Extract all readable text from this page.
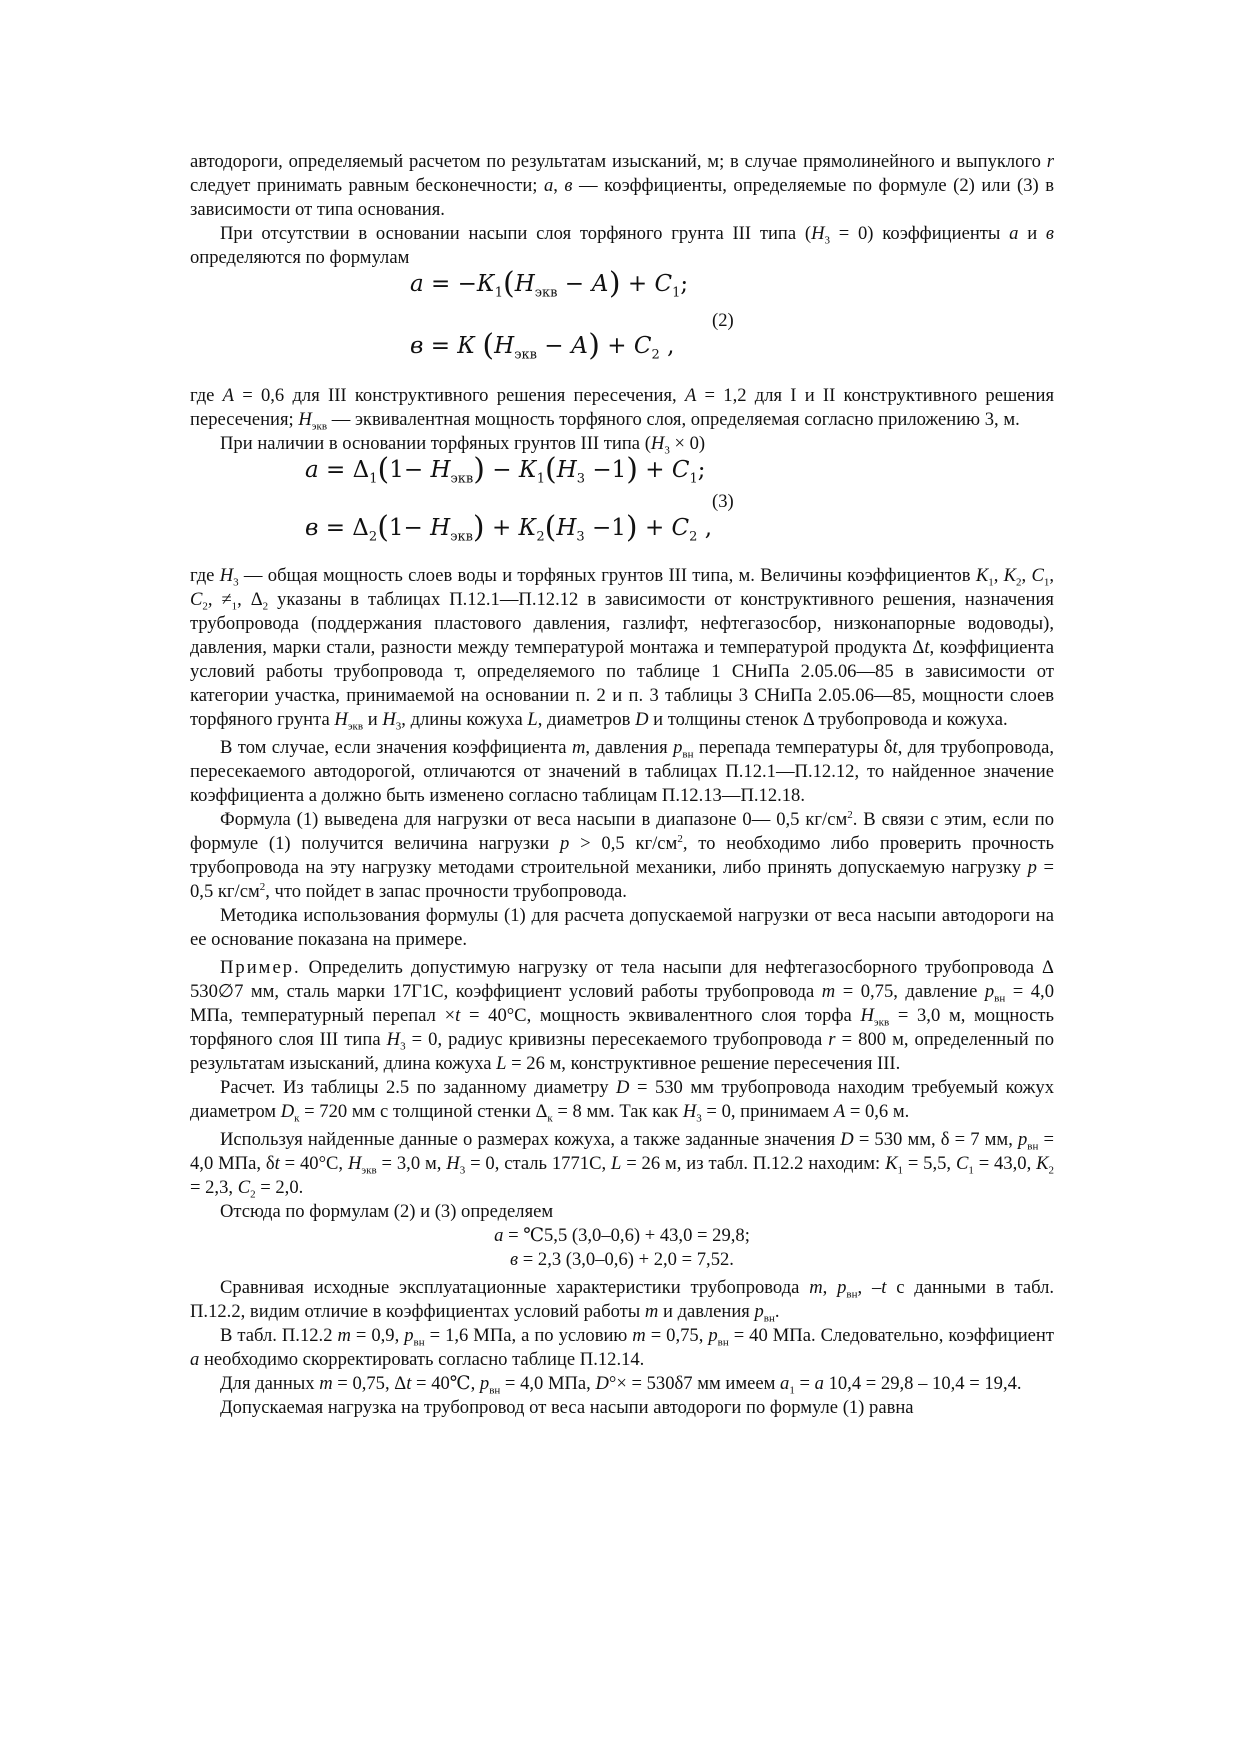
автодороги, определяемый расчетом по результатам изысканий, м; в случае прямолинейного и выпуклого r следует принимать равным бесконечности; а, в — коэффициенты, определяемые по формуле (2) или (3) в зависимости от типа основания.

При отсутствии в основании насыпи слоя торфяного грунта III типа $(Н_3 = 0)$ коэффициенты а и в определяются по формулам

$а = -К_1(Н_{экв} - А) + С_1$;
(2)
в = К $(Н_{экв} - А) + С_2$ ,

где А = 0,6 для III конструктивного решения пересечения, А = 1,2 для I и II конструктивного решения пересечения; $Н_{экв}$ — эквивалентная мощность торфяного слоя, определяемая согласно приложению 3, м.

При наличии в основании торфяных грунтов III типа $(Н_3 \times 0)$

$а = \Delta_1(1- Н_{экв}) - К_1(Н_3 -1) + С_1$;
(3)
$в = \Delta_2(1- Н_{экв}) + К_2(Н_3 -1) + С_2$ ,

где $Н_3$ — общая мощность слоев воды и торфяных грунтов III типа, м. Величины коэффициентов $К_1$, $К_2$, $С_1$, $С_2$, $\ne_1$, $\Delta_2$ указаны в таблицах П.12.1—П.12.12 в зависимости от конструктивного решения, назначения трубопровода (поддержания пластового давления, газлифт, нефтегазосбор, низконапорные водоводы), давления, марки стали, разности между температурой монтажа и температурой продукта Δt, коэффициента условий работы трубопровода т, определяемого по таблице 1 СНиПа 2.05.06—85 в зависимости от категории участка, принимаемой на основании п. 2 и п. 3 таблицы 3 СНиПа 2.05.06—85, мощности слоев торфяного грунта $Н_{экв}$ и $Н_3$, длины кожуха L, диаметров D и толщины стенок Δ трубопровода и кожуха.

В том случае, если значения коэффициента т, давления $р_{вн}$ перепада температуры δt, для трубопровода, пересекаемого автодорогой, отличаются от значений в таблицах П.12.1—П.12.12, то найденное значение коэффициента а должно быть изменено согласно таблицам П.12.13—П.12.18.

Формула (1) выведена для нагрузки от веса насыпи в диапазоне 0— 0,5 $кг/см^2$. В связи с этим, если по формуле (1) получится величина нагрузки р > 0,5 $кг/см^2$, то необходимо либо проверить прочность трубопровода на эту нагрузку методами строительной механики, либо принять допускаемую нагрузку р = 0,5 $кг/см^2$, что пойдет в запас прочности трубопровода.

Методика использования формулы (1) для расчета допускаемой нагрузки от веса насыпи автодороги на ее основание показана на примере.

Пример. Определить допустимую нагрузку от тела насыпи для нефтегазосборного трубопровода Δ 530∅7 мм, сталь марки 17Г1С, коэффициент условий работы трубопровода т = 0,75, давление $р_{вн} = 4,0$ МПа, температурный перепал ×t = 40°С, мощность эквивалентного слоя торфа $Н_{экв} = 3,0$ м, мощность торфяного слоя III типа $Н_3 = 0$, радиус кривизны пересекаемого трубопровода r = 800 м, определенный по результатам изысканий, длина кожуха L = 26 м, конструктивное решение пересечения III.

Расчет. Из таблицы 2.5 по заданному диаметру D = 530 мм трубопровода находим требуемый кожух диаметром $D_к = 720$ мм с толщиной стенки $\Delta_к = 8$ мм. Так как $Н_3 = 0$, принимаем А = 0,6 м.

Используя найденные данные о размерах кожуха, а также заданные значения D = 530 мм, δ = 7 мм, $р_{вн} = 4,0$ МПа, δt = 40°С, $Н_{экв} = 3,0$ м, $Н_3 = 0$, сталь 1771С, L = 26 м, из табл. П.12.2 находим: $К_1 = 5,5$, $С_1 = 43,0$, $К_2 = 2,3$, $С_2 = 2,0$.

Отсюда по формулам (2) и (3) определяем

а = ℃5,5 (3,0–0,6) + 43,0 = 29,8;

в = 2,3 (3,0–0,6) + 2,0 = 7,52.

Сравнивая исходные эксплуатационные характеристики трубопровода т, $р_{вн}$, –t с данными в табл. П.12.2, видим отличие в коэффициентах условий работы т и давления $р_{вн}$.

В табл. П.12.2 т = 0,9, $р_{вн} = 1,6$ МПа, а по условию т = 0,75, $р_{вн} = 40$ МПа. Следовательно, коэффициент а необходимо скорректировать согласно таблице П.12.14.

Для данных т = 0,75, Δt = 40℃, $р_{вн} = 4,0$ МПа, D°× = 530δ7 мм имеем $а_1 = а$ 10,4 = 29,8 – 10,4 = 19,4.

Допускаемая нагрузка на трубопровод от веса насыпи автодороги по формуле (1) равна
